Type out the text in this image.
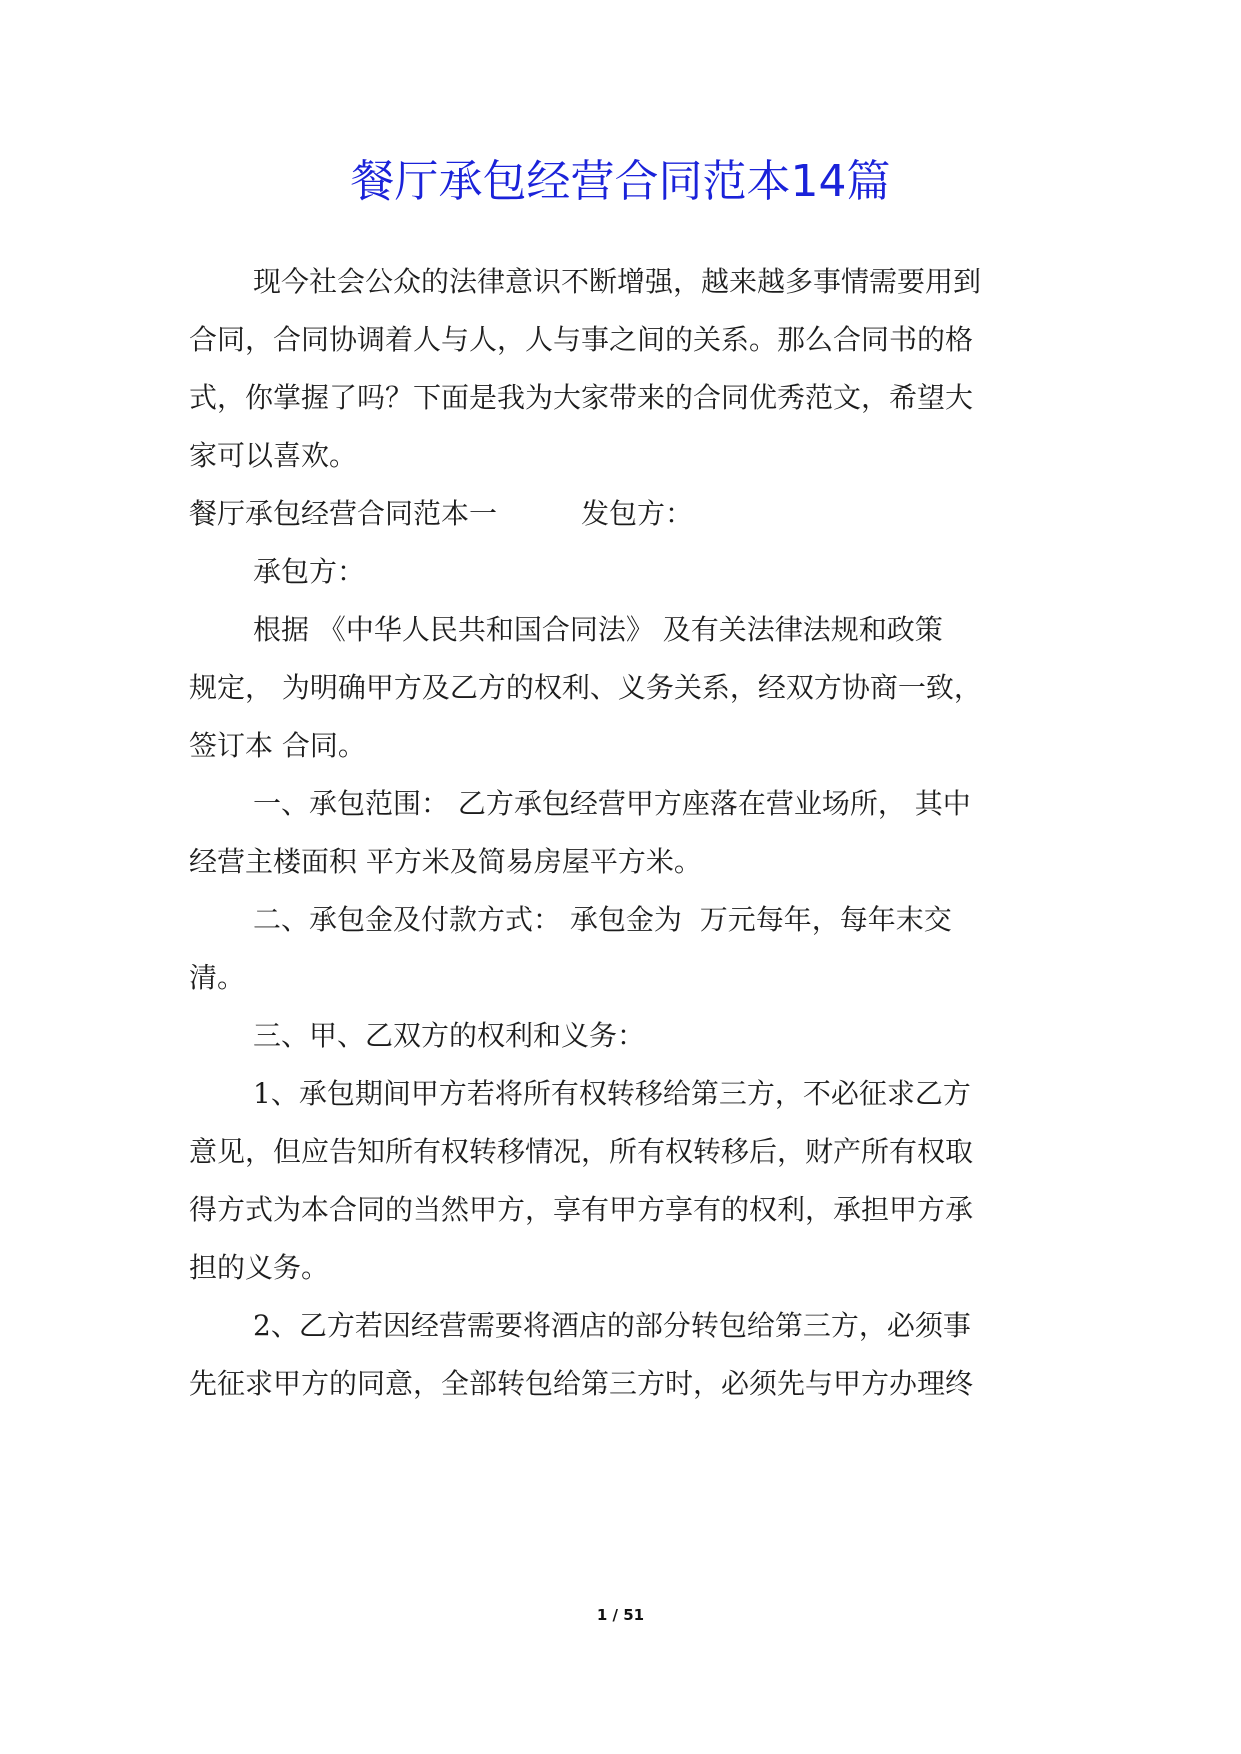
餐厅承包经营合同范本14篇
现今社会公众的法律意识不断增强，越来越多事情需要用到
合同，合同协调着人与人，人与事之间的关系。那么合同书的格
式，你掌握了吗？下面是我为大家带来的合同优秀范文，希望大
家可以喜欢。
餐厅承包经营合同范本一　　　发包方：
承包方：
根据 《中华人民共和国合同法》 及有关法律法规和政策
规定， 为明确甲方及乙方的权利、义务关系，经双方协商一致，
签订本 合同。
一、承包范围： 乙方承包经营甲方座落在营业场所， 其中
经营主楼面积 平方米及简易房屋平方米。
二、承包金及付款方式： 承包金为  万元每年，每年末交
清。
三、甲、乙双方的权利和义务：
1、承包期间甲方若将所有权转移给第三方，不必征求乙方
意见，但应告知所有权转移情况，所有权转移后，财产所有权取
得方式为本合同的当然甲方，享有甲方享有的权利，承担甲方承
担的义务。
2、乙方若因经营需要将酒店的部分转包给第三方，必须事
先征求甲方的同意，全部转包给第三方时，必须先与甲方办理终
1 / 51
